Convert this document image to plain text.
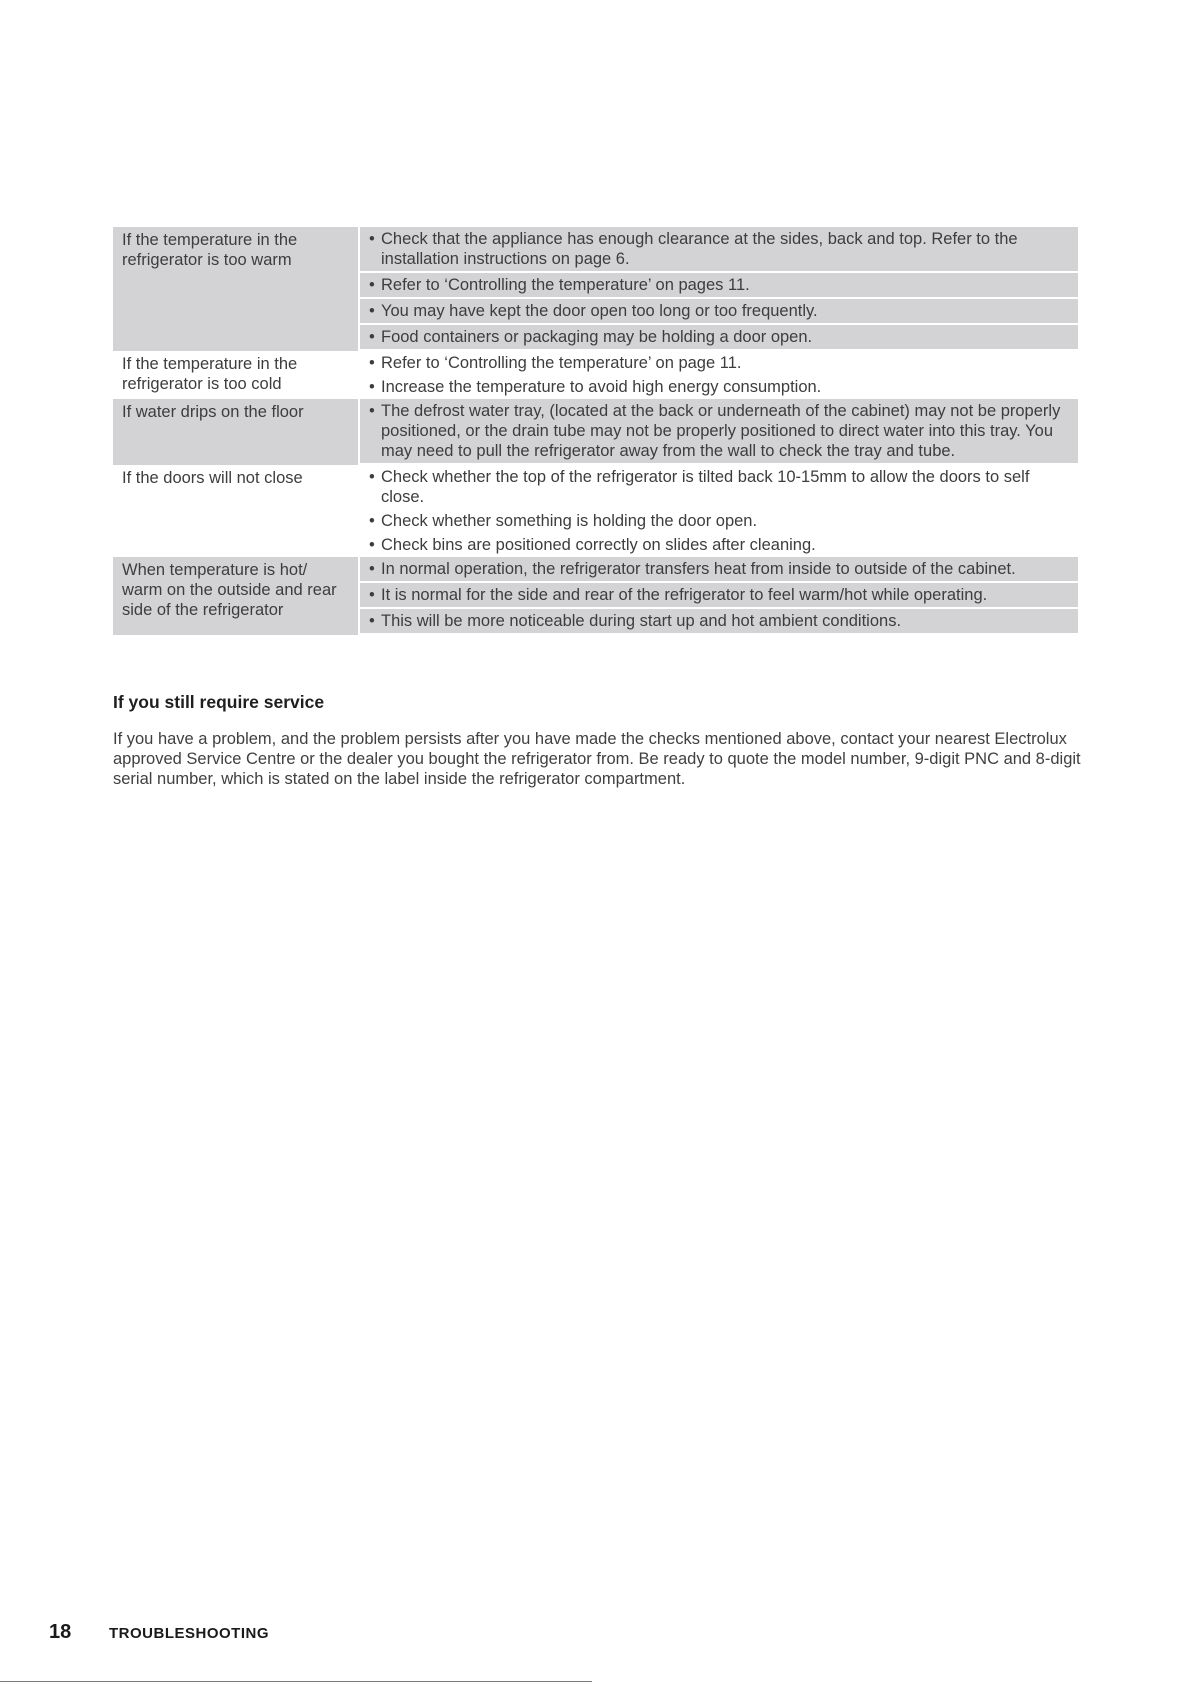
If the temperature in the refrigerator is too warm	• Check that the appliance has enough clearance at the sides, back and top. Refer to the installation instructions on page 6.

	• Refer to ‘Controlling the temperature’ on pages 11.

	• You may have kept the door open too long or too frequently.

	• Food containers or packaging may be holding a door open.

If the temperature in the refrigerator is too cold	• Refer to ‘Controlling the temperature’ on page 11.

	• Increase the temperature to avoid high energy consumption.

If water drips on the floor	• The defrost water tray, (located at the back or underneath of the cabinet) may not be properly positioned, or the drain tube may not be properly positioned to direct water into this tray. You may need to pull the refrigerator away from the wall to check the tray and tube.

If the doors will not close	• Check whether the top of the refrigerator is tilted back 10-15mm to allow the doors to self close.

	• Check whether something is holding the door open.

	• Check bins are positioned correctly on slides after cleaning.

When temperature is hot/ warm on the outside and rear side of the refrigerator	• In normal operation, the refrigerator transfers heat from inside to outside of the cabinet.

	• It is normal for the side and rear of the refrigerator to feel warm/hot while operating.

	• This will be more noticeable during start up and hot ambient conditions.
If you still require service

If you have a problem, and the problem persists after you have made the checks mentioned above, contact your nearest Electrolux approved Service Centre or the dealer you bought the refrigerator from. Be ready to quote the model number, 9-digit PNC and 8-digit serial number, which is stated on the label inside the refrigerator compartment.

18	TROUBLESHOOTING
